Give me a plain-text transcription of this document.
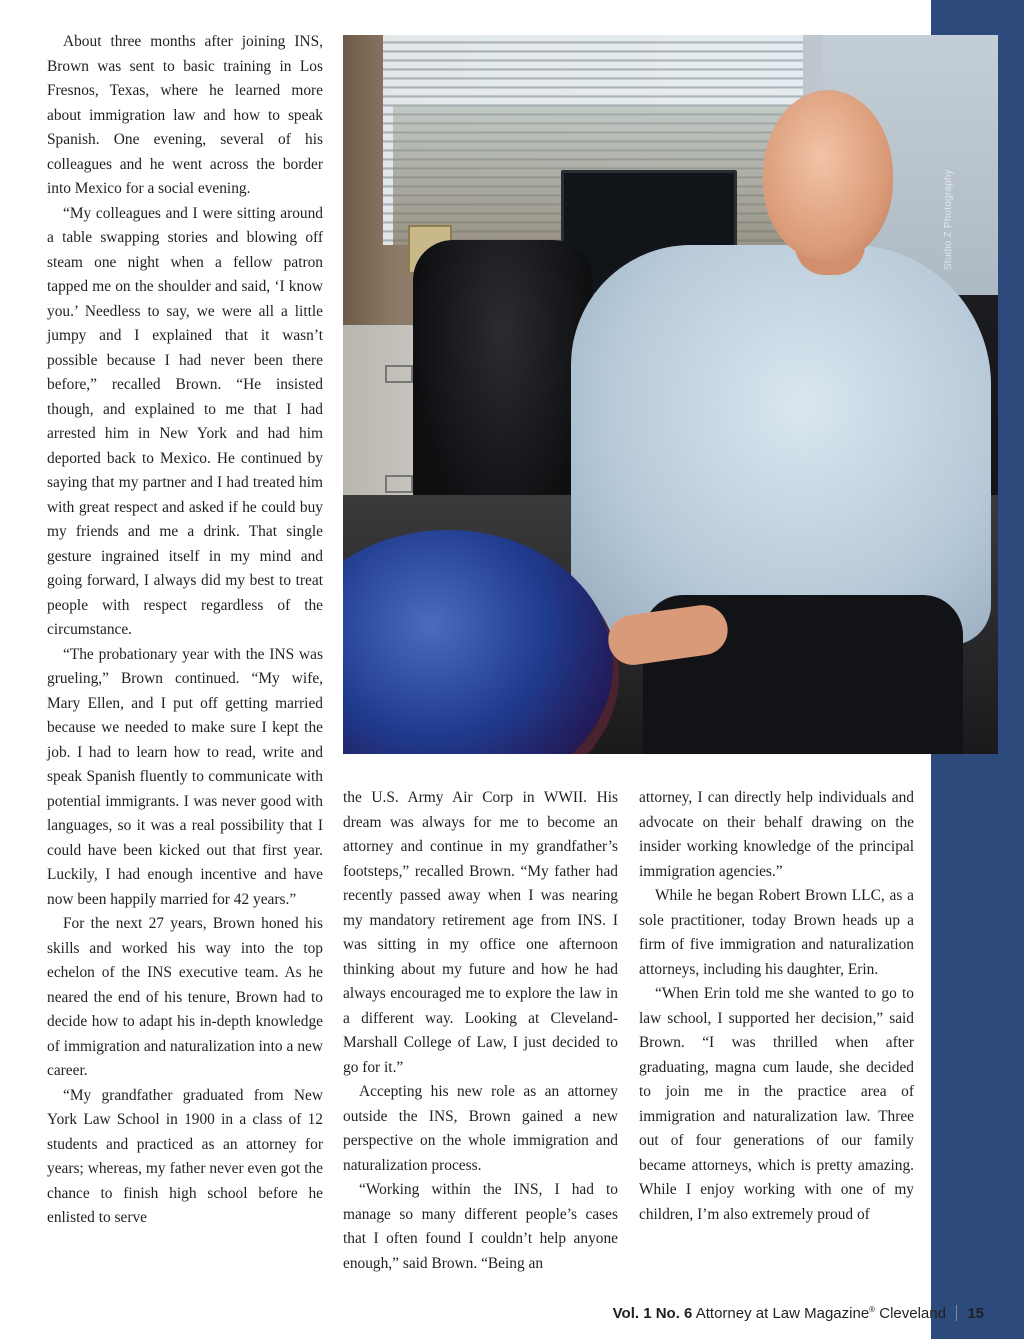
Studio Z Photography

About three months after joining INS, Brown was sent to basic training in Los Fresnos, Texas, where he learned more about immigration law and how to speak Spanish. One evening, several of his colleagues and he went across the border into Mexico for a social evening.

“My colleagues and I were sitting around a table swapping stories and blowing off steam one night when a fellow patron tapped me on the shoulder and said, ‘I know you.’ Needless to say, we were all a little jumpy and I explained that it wasn’t possible because I had never been there before,” recalled Brown. “He insisted though, and explained to me that I had arrested him in New York and had him deported back to Mexico. He continued by saying that my partner and I had treated him with great respect and asked if he could buy my friends and me a drink. That single gesture ingrained itself in my mind and going forward, I always did my best to treat people with respect regardless of the circumstance.

“The probationary year with the INS was grueling,” Brown continued. “My wife, Mary Ellen, and I put off getting married because we needed to make sure I kept the job. I had to learn how to read, write and speak Spanish fluently to communicate with potential immigrants. I was never good with languages, so it was a real possibility that I could have been kicked out that first year. Luckily, I had enough incentive and have now been happily married for 42 years.”

For the next 27 years, Brown honed his skills and worked his way into the top echelon of the INS executive team. As he neared the end of his tenure, Brown had to decide how to adapt his in-depth knowledge of immigration and naturalization into a new career.

“My grandfather graduated from New York Law School in 1900 in a class of 12 students and practiced as an attorney for years; whereas, my father never even got the chance to finish high school before he enlisted to serve

the U.S. Army Air Corp in WWII. His dream was always for me to become an attorney and continue in my grandfather’s footsteps,” recalled Brown. “My father had recently passed away when I was nearing my mandatory retirement age from INS. I was sitting in my office one afternoon thinking about my future and how he had always encouraged me to explore the law in a different way. Looking at Cleveland-Marshall College of Law, I just decided to go for it.”

Accepting his new role as an attorney outside the INS, Brown gained a new perspective on the whole immigration and naturalization process.

“Working within the INS, I had to manage so many different people’s cases that I often found I couldn’t help anyone enough,” said Brown. “Being an

attorney, I can directly help individuals and advocate on their behalf drawing on the insider working knowledge of the principal immigration agencies.”

While he began Robert Brown LLC, as a sole practitioner, today Brown heads up a firm of five immigration and naturalization attorneys, including his daughter, Erin.

“When Erin told me she wanted to go to law school, I supported her decision,” said Brown. “I was thrilled when after graduating, magna cum laude, she decided to join me in the practice area of immigration and naturalization law. Three out of four generations of our family became attorneys, which is pretty amazing. While I enjoy working with one of my children, I’m also extremely proud of

Vol. 1 No. 6 Attorney at Law Magazine® Cleveland 15
